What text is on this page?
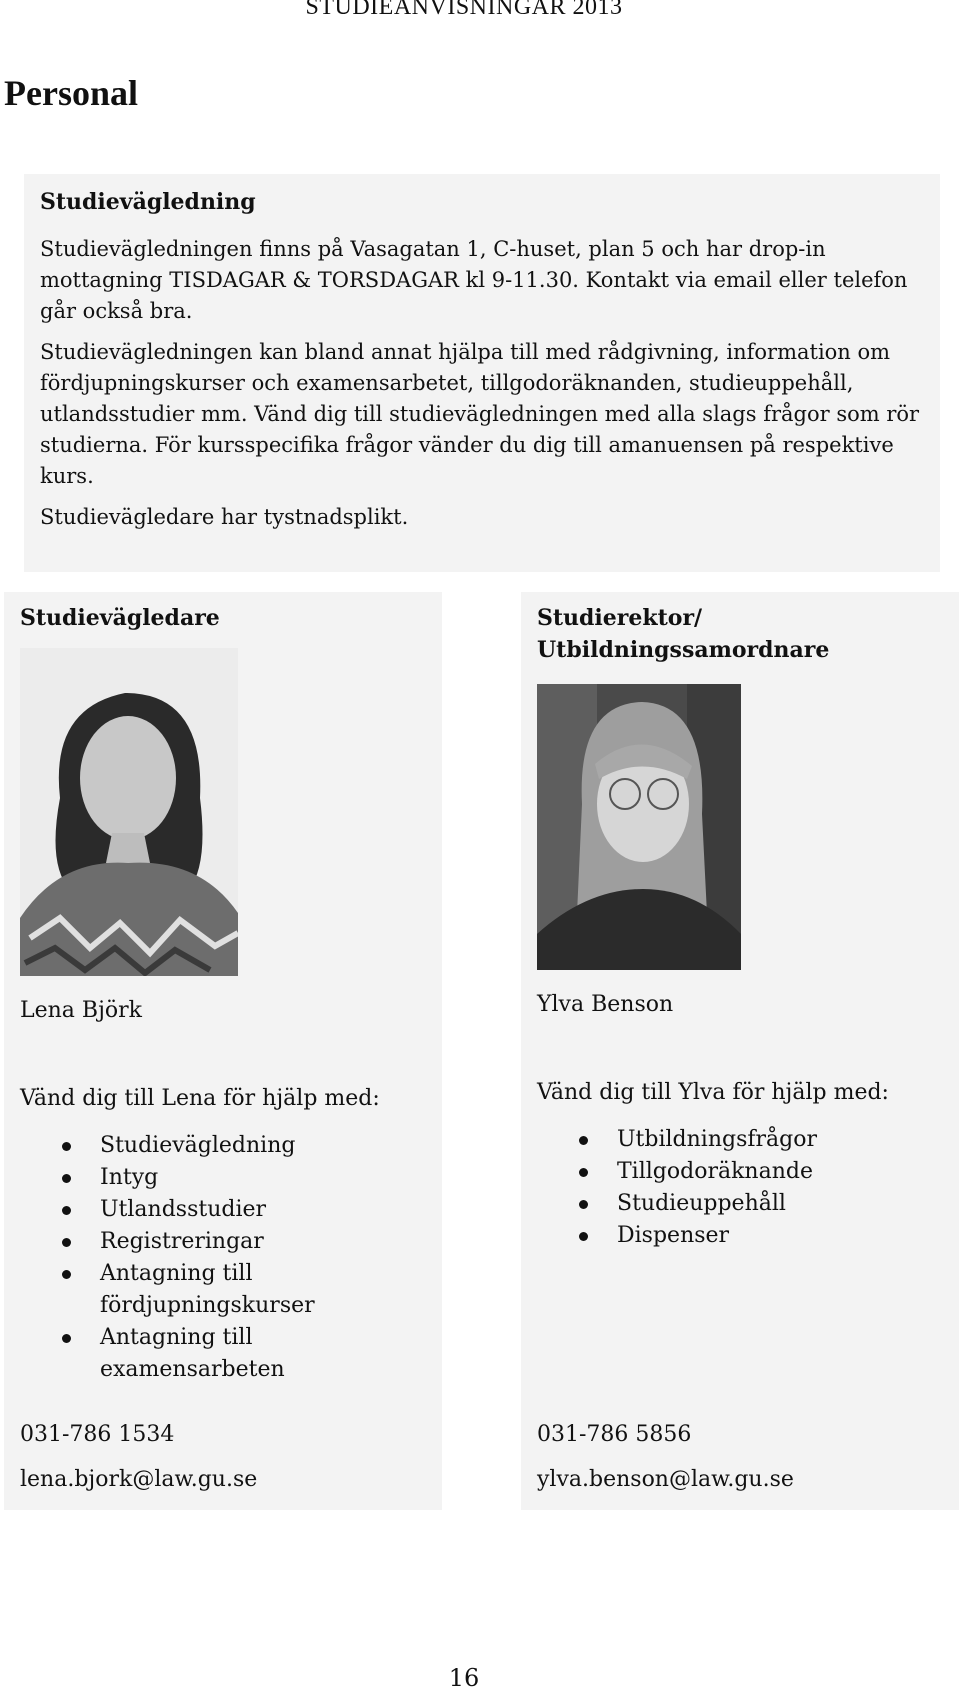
STUDIEANVISNINGAR 2013
Personal
Studievägledning

Studievägledningen finns på Vasagatan 1, C-huset, plan 5 och har drop-in mottagning TISDAGAR & TORSDAGAR kl 9-11.30. Kontakt via email eller telefon går också bra.

Studievägledningen kan bland annat hjälpa till med rådgivning, information om fördjupningskurser och examensarbetet, tillgodoräknanden, studieuppehåll, utlandsstudier mm. Vänd dig till studievägledningen med alla slags frågor som rör studierna. För kursspecifika frågor vänder du dig till amanuensen på respektive kurs.

Studievägledare har tystnadsplikt.

Studievägledare

Lena Björk

Vänd dig till Lena för hjälp med:

Studievägledning
Intyg
Utlandsstudier
Registreringar
Antagning till fördjupningskurser
Antagning till examensarbeten

031-786 1534

lena.bjork@law.gu.se

Studierektor/
Utbildningssamordnare

Ylva Benson

Vänd dig till Ylva för hjälp med:

Utbildningsfrågor
Tillgodoräknande
Studieuppehåll
Dispenser

031-786 5856

ylva.benson@law.gu.se

16
